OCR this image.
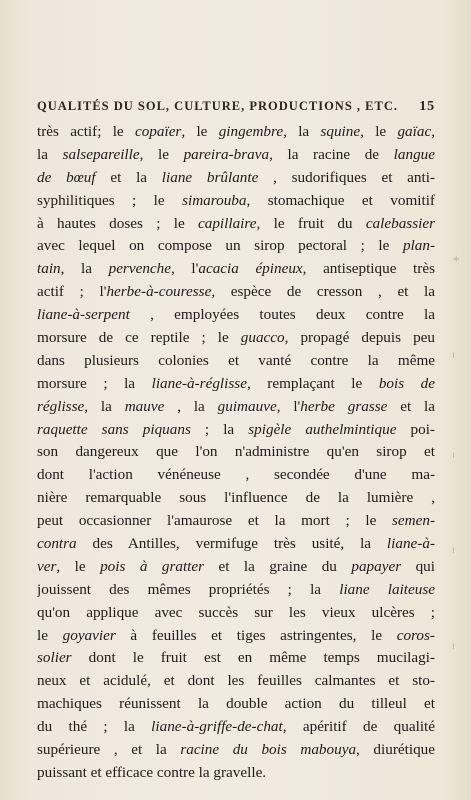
QUALITÉS DU SOL, CULTURE, PRODUCTIONS , ETC. 15
très actif; le copaïer, le gingembre, la squine, le gaïac,
la salsepareille, le pareira-brava, la racine de langue
de bœuf et la liane brûlante , sudorifiques et anti-
syphilitiques ; le simarouba, stomachique et vomitif
à hautes doses ; le capillaire, le fruit du calebassier
avec lequel on compose un sirop pectoral ; le plan-
tain, la pervenche, l'acacia épineux, antiseptique très
actif ; l'herbe-à-couresse, espèce de cresson , et la
liane-à-serpent , employées toutes deux contre la
morsure de ce reptile ; le guacco, propagé depuis peu
dans plusieurs colonies et vanté contre la même
morsure ; la liane-à-réglisse, remplaçant le bois de
réglisse, la mauve , la guimauve, l'herbe grasse et la
raquette sans piquans ; la spigèle authelmintique poi-
son dangereux que l'on n'administre qu'en sirop et
dont l'action vénéneuse , secondée d'une ma-
nière remarquable sous l'influence de la lumière ,
peut occasionner l'amaurose et la mort ; le semen-
contra des Antilles, vermifuge très usité, la liane-à-
ver, le pois à gratter et la graine du papayer qui
jouissent des mêmes propriétés ; la liane laiteuse
qu'on applique avec succès sur les vieux ulcères ;
le goyavier à feuilles et tiges astringentes, le coros-
solier dont le fruit est en même temps mucilagi-
neux et acidulé, et dont les feuilles calmantes et sto-
machiques réunissent la double action du tilleul et
du thé ; la liane-à-griffe-de-chat, apéritif de qualité
supérieure , et la racine du bois mabouya, diurétique
puissant et efficace contre la gravelle.
+
ı
ı
ı
ı
